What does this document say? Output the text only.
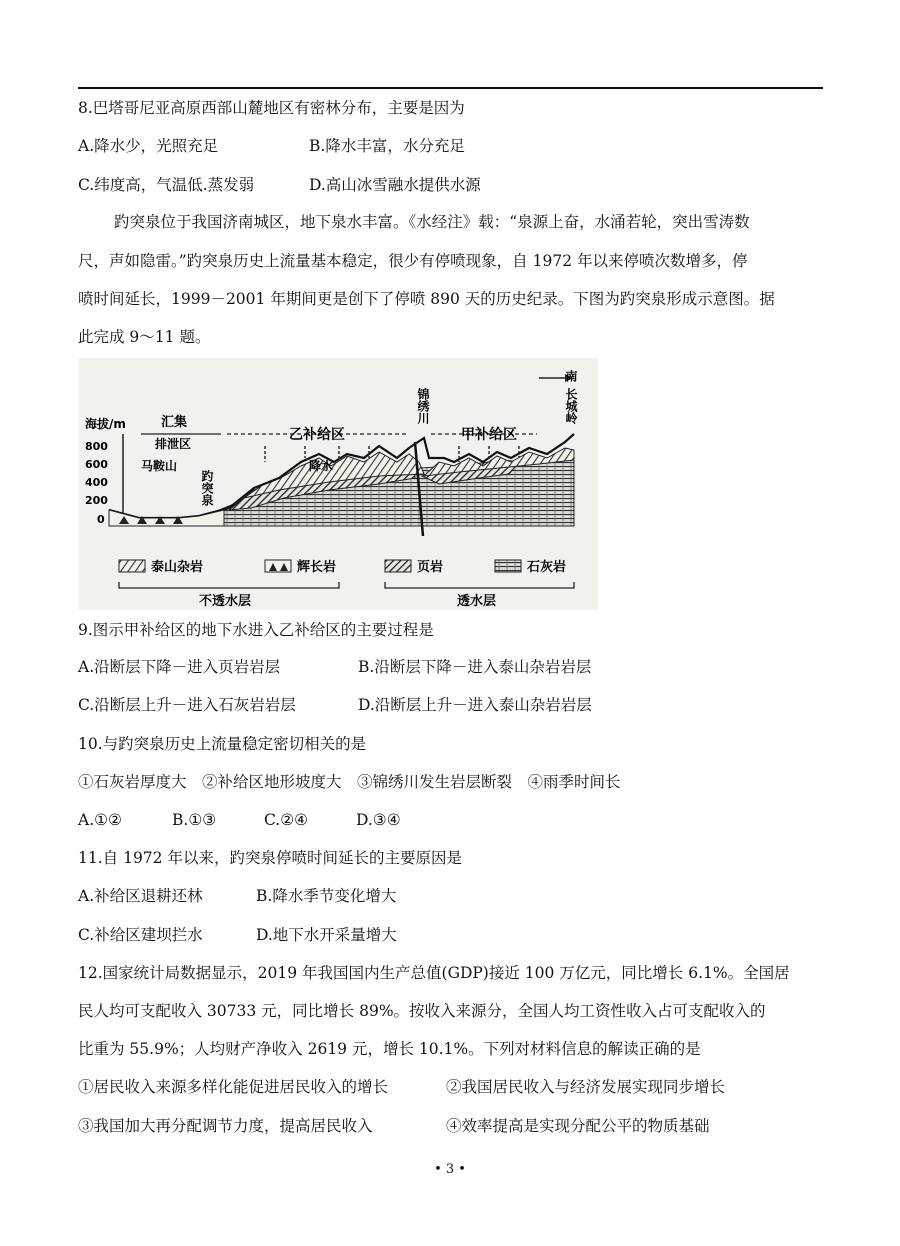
8.巴塔哥尼亚高原西部山麓地区有密林分布，主要是因为
A.降水少，光照充足	B.降水丰富，水分充足
C.纬度高，气温低.蒸发弱	D.高山冰雪融水提供水源
趵突泉位于我国济南城区，地下泉水丰富。《水经注》载：“泉源上奋，水涌若轮，突出雪涛数
尺，声如隐雷。”趵突泉历史上流量基本稳定，很少有停喷现象，自 1972 年以来停喷次数增多，停
喷时间延长，1999－2001 年期间更是创下了停喷 890 天的历史纪录。下图为趵突泉形成示意图。据
此完成 9～11 题。
海拔/m
800
600
400
200
0
汇集
排泄区
乙补给区	甲补给区
马鞍山
趵突泉
锦绣川
南
长城岭
降水
泰山杂岩	辉长岩	页岩	石灰岩
不透水层	透水层
9.图示甲补给区的地下水进入乙补给区的主要过程是
A.沿断层下降－进入页岩岩层	B.沿断层下降－进入泰山杂岩岩层
C.沿断层上升－进入石灰岩岩层	D.沿断层上升－进入泰山杂岩岩层
10.与趵突泉历史上流量稳定密切相关的是
①石灰岩厚度大　②补给区地形坡度大　③锦绣川发生岩层断裂　④雨季时间长
A.①②	B.①③	C.②④	D.③④
11.自 1972 年以来，趵突泉停喷时间延长的主要原因是
A.补给区退耕还林	B.降水季节变化增大
C.补给区建坝拦水	D.地下水开采量增大
12.国家统计局数据显示，2019 年我国国内生产总值(GDP)接近 100 万亿元，同比增长 6.1%。全国居
民人均可支配收入 30733 元，同比增长 89%。按收入来源分，全国人均工资性收入占可支配收入的
比重为 55.9%；人均财产净收入 2619 元，增长 10.1%。下列对材料信息的解读正确的是
①居民收入来源多样化能促进居民收入的增长	②我国居民收入与经济发展实现同步增长
③我国加大再分配调节力度，提高居民收入	④效率提高是实现分配公平的物质基础
• 3 •
